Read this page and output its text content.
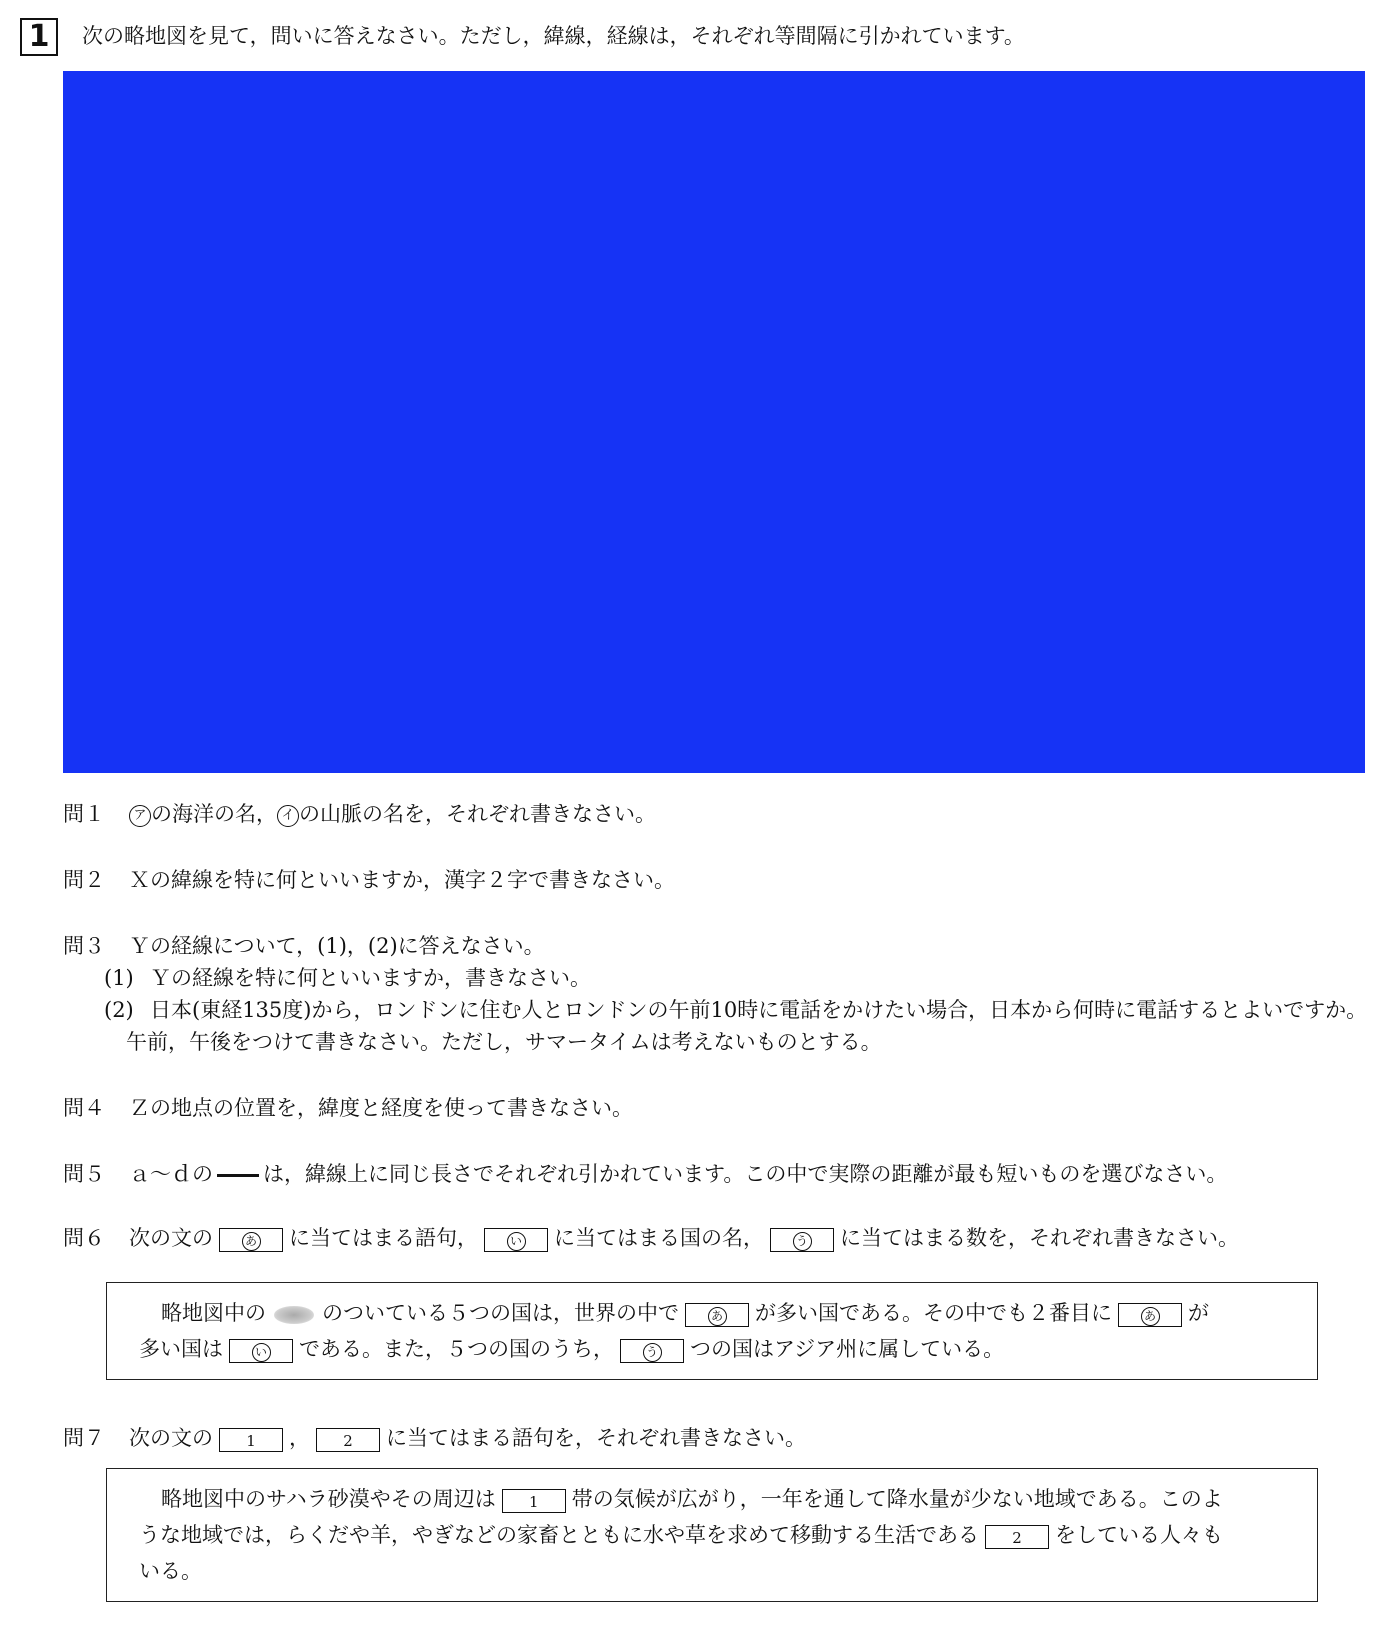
1	次の略地図を見て，問いに答えなさい。ただし，緯線，経線は，それぞれ等間隔に引かれています。
問１ ア の海洋の名， イ の山脈の名を，それぞれ書きなさい。
問２ Ｘの緯線を特に何といいますか，漢字２字で書きなさい。
問３ Ｙの経線について，(1)，(2)に答えなさい。
(1) Ｙの経線を特に何といいますか，書きなさい。
(2) 日本(東経135度)から，ロンドンに住む人とロンドンの午前10時に電話をかけたい場合，日本から何時に電話するとよいですか。
午前，午後をつけて書きなさい。ただし，サマータイムは考えないものとする。
問４ Ｚの地点の位置を，緯度と経度を使って書きなさい。
問５ ａ～ｄの は，緯線上に同じ長さでそれぞれ引かれています。この中で実際の距離が最も短いものを選びなさい。
問６ 次の文の	あ に当てはまる語句，	い に当てはまる国の名，	う に当てはまる数を，それぞれ書きなさい。
略地図中の	のついている５つの国は，世界の中で	あ が多い国である。その中でも２番目に	あ が
多い国は	い である。また，５つの国のうち，	う つの国はアジア州に属している。
問７ 次の文の 1 ， 2 に当てはまる語句を，それぞれ書きなさい。
略地図中のサハラ砂漠やその周辺は 1 帯の気候が広がり，一年を通して降水量が少ない地域である。このよ
うな地域では，らくだや羊，やぎなどの家畜とともに水や草を求めて移動する生活である 2 をしている人々も
いる。
